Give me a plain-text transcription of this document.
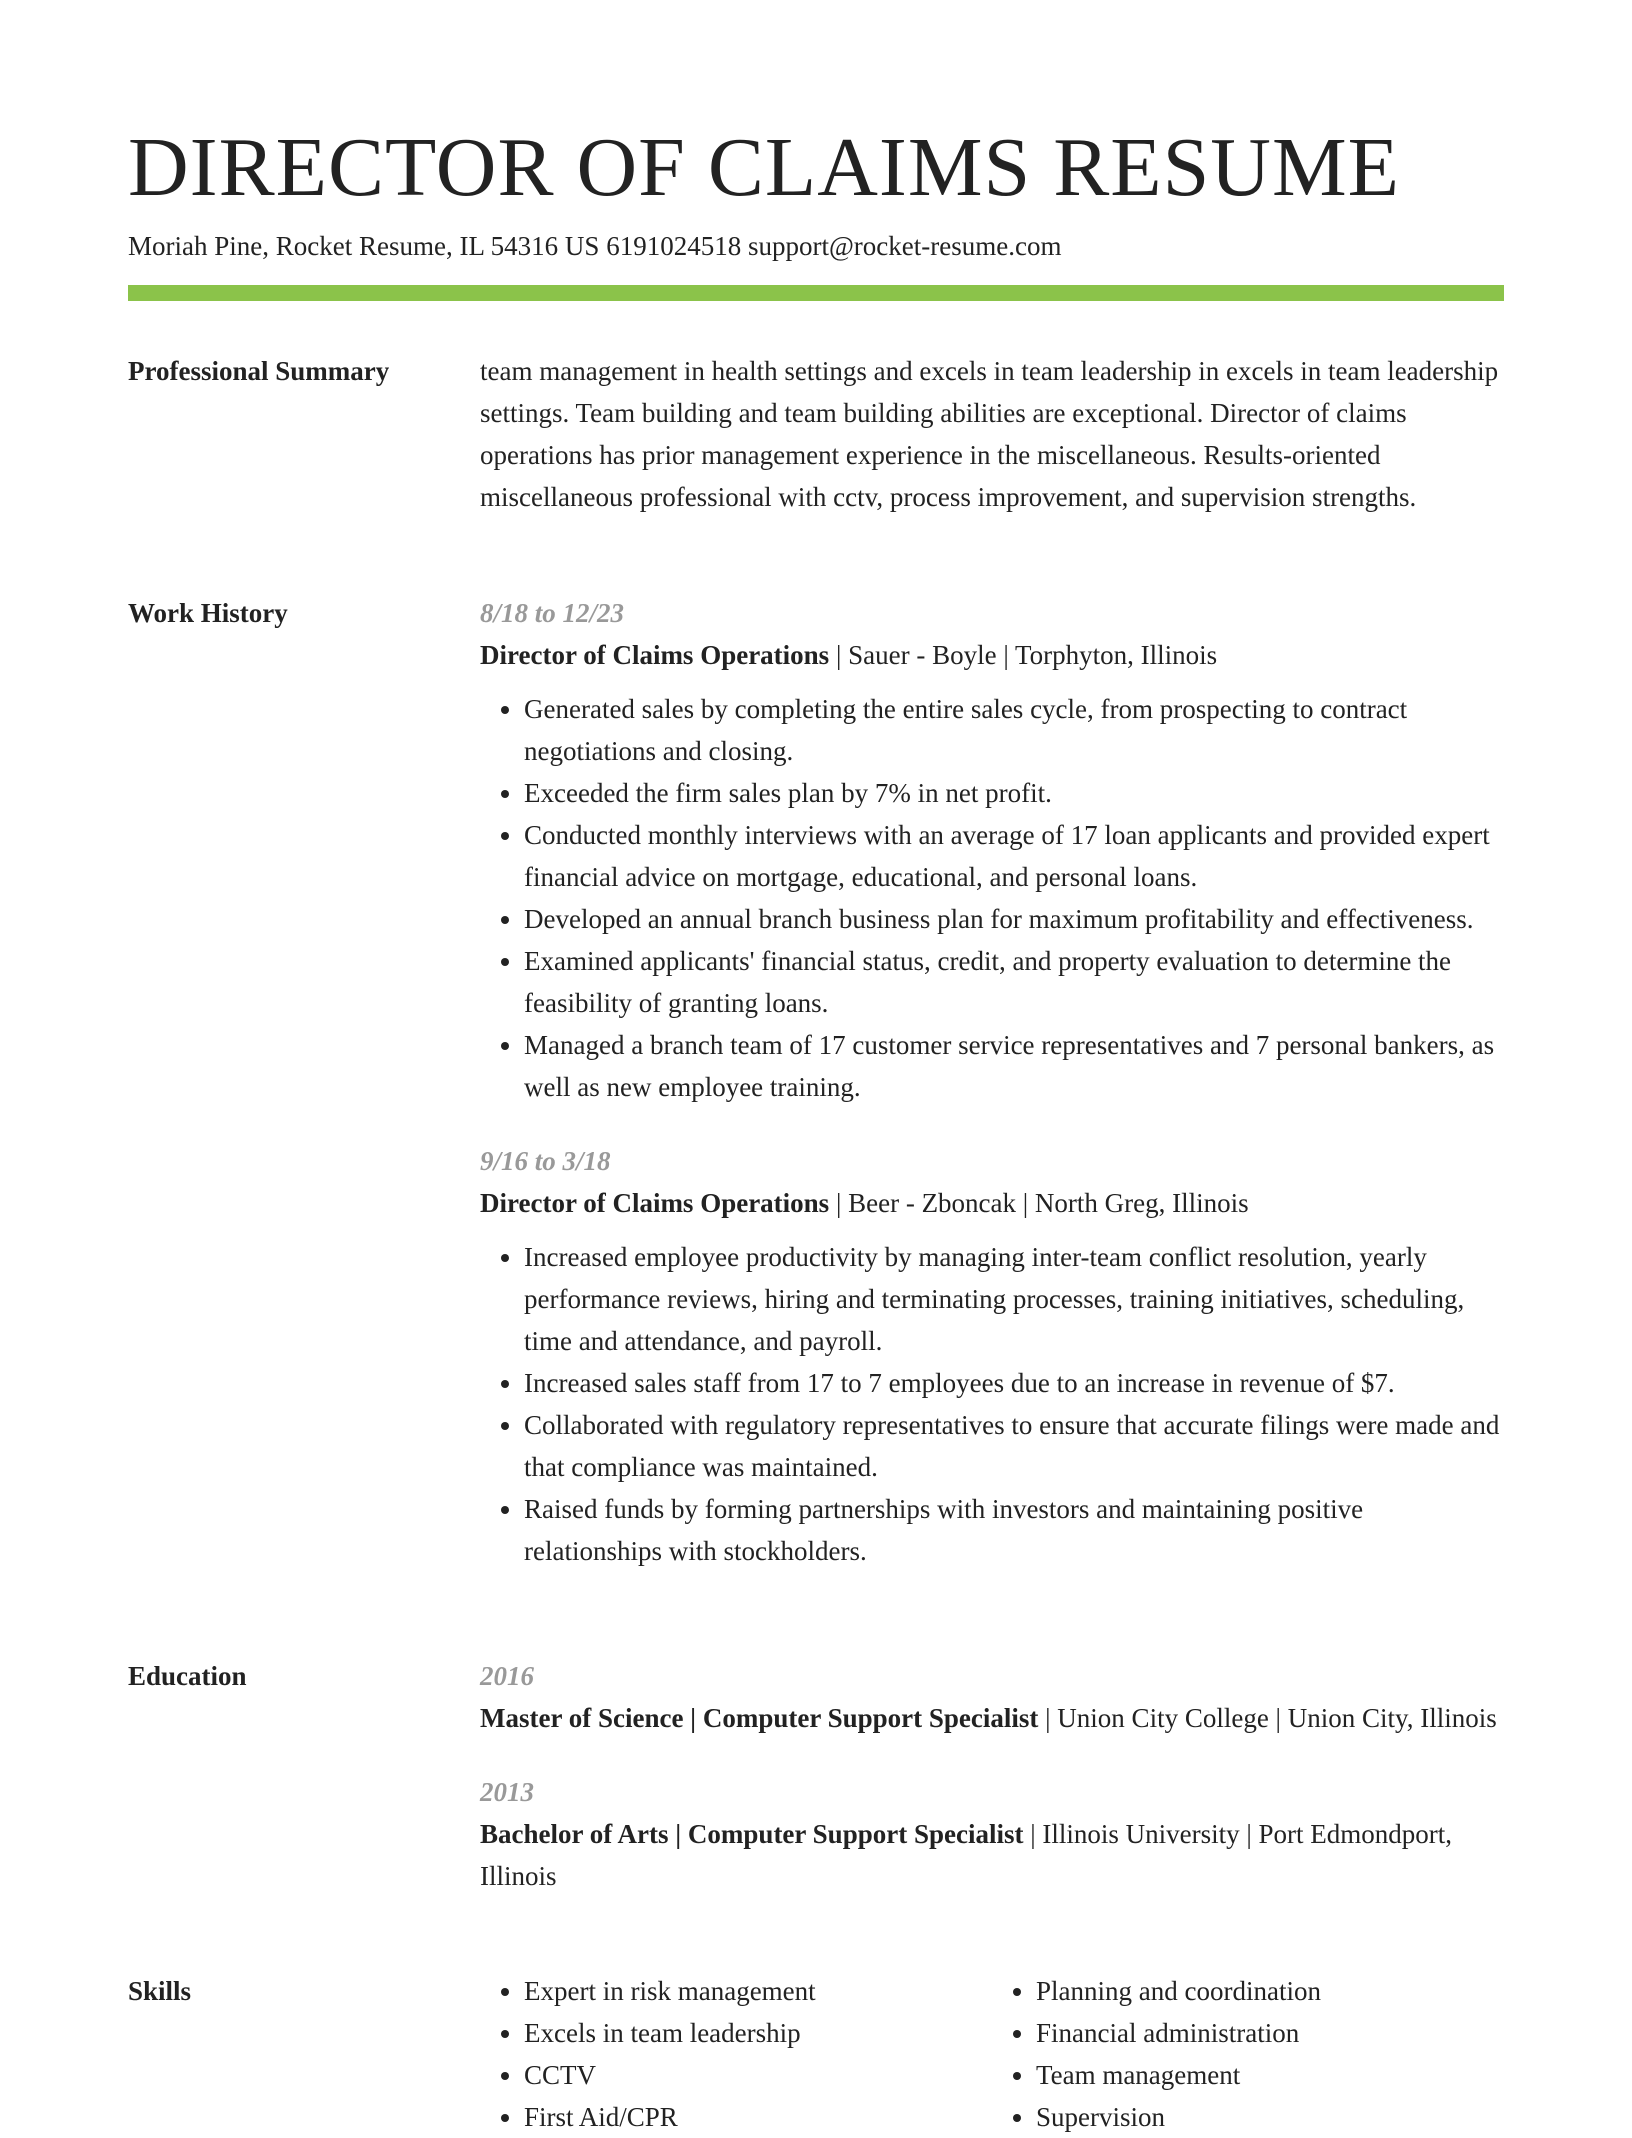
DIRECTOR OF CLAIMS RESUME
Moriah Pine, Rocket Resume, IL 54316 US 6191024518 support@rocket-resume.com
Professional Summary	team management in health settings and excels in team leadership in excels in team leadership settings. Team building and team building abilities are exceptional. Director of claims operations has prior management experience in the miscellaneous. Results-oriented miscellaneous professional with cctv, process improvement, and supervision strengths.
Work History	8/18 to 12/23
Director of Claims Operations | Sauer - Boyle | Torphyton, Illinois
• Generated sales by completing the entire sales cycle, from prospecting to contract negotiations and closing.
• Exceeded the firm sales plan by 7% in net profit.
• Conducted monthly interviews with an average of 17 loan applicants and provided expert financial advice on mortgage, educational, and personal loans.
• Developed an annual branch business plan for maximum profitability and effectiveness.
• Examined applicants' financial status, credit, and property evaluation to determine the feasibility of granting loans.
• Managed a branch team of 17 customer service representatives and 7 personal bankers, as well as new employee training.
9/16 to 3/18
Director of Claims Operations | Beer - Zboncak | North Greg, Illinois
• Increased employee productivity by managing inter-team conflict resolution, yearly performance reviews, hiring and terminating processes, training initiatives, scheduling, time and attendance, and payroll.
• Increased sales staff from 17 to 7 employees due to an increase in revenue of $7.
• Collaborated with regulatory representatives to ensure that accurate filings were made and that compliance was maintained.
• Raised funds by forming partnerships with investors and maintaining positive relationships with stockholders.
Education	2016
Master of Science | Computer Support Specialist | Union City College | Union City, Illinois
2013
Bachelor of Arts | Computer Support Specialist | Illinois University | Port Edmondport, Illinois
Skills
•	Expert in risk management
• Excels in team leadership
• CCTV
• First Aid/CPR
• Planning and coordination
• Financial administration
• Team management
• Supervision
